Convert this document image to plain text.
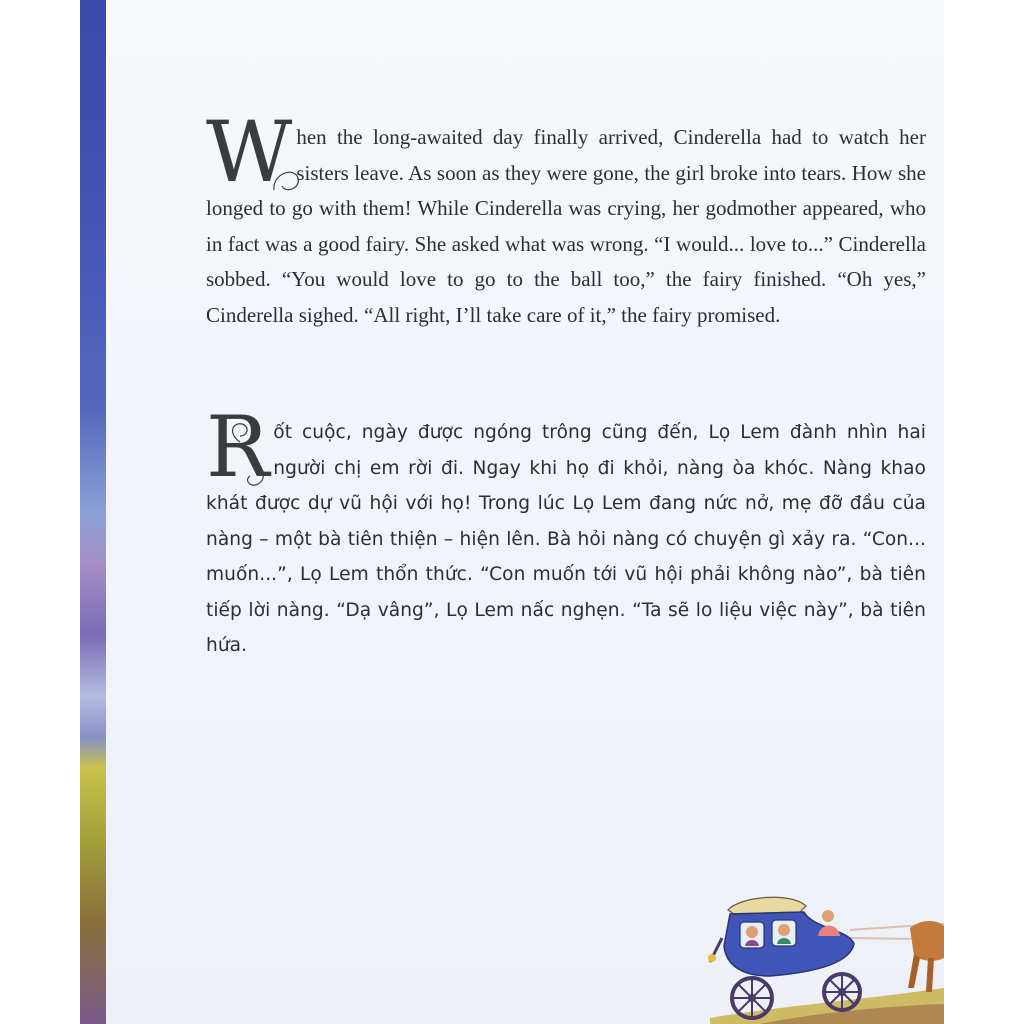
When the long-awaited day finally arrived, Cinderella had to watch her sisters leave. As soon as they were gone, the girl broke into tears. How she longed to go with them! While Cinderella was crying, her godmother appeared, who in fact was a good fairy. She asked what was wrong. “I would... love to...” Cinderella sobbed. “You would love to go to the ball too,” the fairy finished. “Oh yes,” Cinderella sighed. “All right, I’ll take care of it,” the fairy promised.
Rốt cuộc, ngày được ngóng trông cũng đến, Lọ Lem đành nhìn hai người chị em rời đi. Ngay khi họ đi khỏi, nàng òa khóc. Nàng khao khát được dự vũ hội với họ! Trong lúc Lọ Lem đang nức nở, mẹ đỡ đầu của nàng – một bà tiên thiện – hiện lên. Bà hỏi nàng có chuyện gì xảy ra. “Con... muốn...”, Lọ Lem thổn thức. “Con muốn tới vũ hội phải không nào”, bà tiên tiếp lời nàng. “Dạ vâng”, Lọ Lem nấc nghẹn. “Ta sẽ lo liệu việc này”, bà tiên hứa.
